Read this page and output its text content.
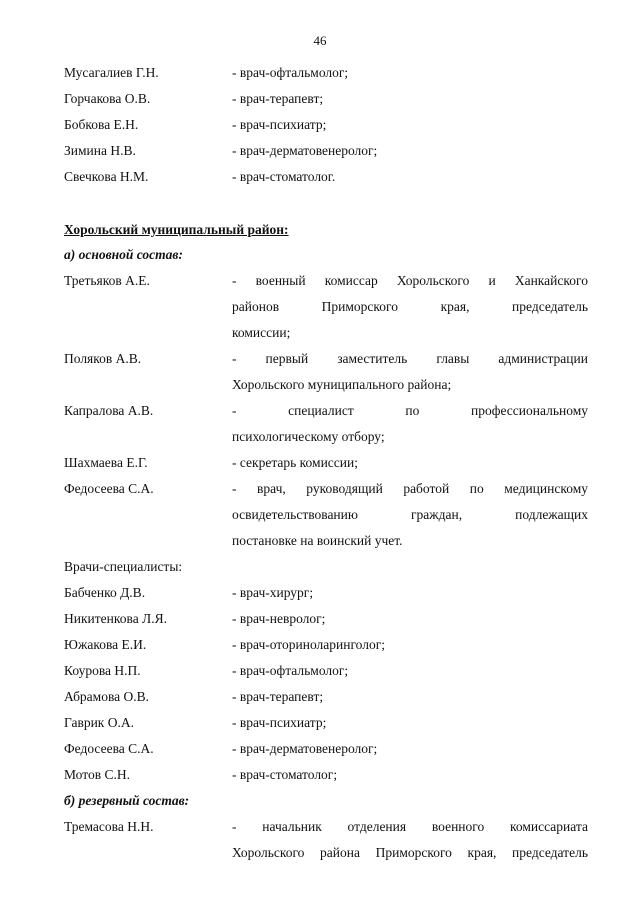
46
Мусагалиев Г.Н.	- врач-офтальмолог;
Горчакова О.В.	- врач-терапевт;
Бобкова Е.Н.	- врач-психиатр;
Зимина Н.В.	- врач-дерматовенеролог;
Свечкова Н.М.	- врач-стоматолог.
Хорольский муниципальный район:
а) основной состав:
Третьяков А.Е.	- военный комиссар Хорольского и Ханкайского
районов	Приморского	края,	председатель
комиссии;
Поляков А.В.	- первый заместитель главы администрации
Хорольского муниципального района;
Капралова А.В.	-	специалист	по	профессиональному
психологическому отбору;
Шахмаева Е.Г.	- секретарь комиссии;
Федосеева С.А.	- врач, руководящий работой по медицинскому
освидетельствованию	граждан,	подлежащих
постановке на воинский учет.
Врачи-специалисты:
Бабченко Д.В.	- врач-хирург;
Никитенкова Л.Я.	- врач-невролог;
Южакова Е.И.	- врач-оториноларинголог;
Коурова Н.П.	- врач-офтальмолог;
Абрамова О.В.	- врач-терапевт;
Гаврик О.А.	- врач-психиатр;
Федосеева С.А.	- врач-дерматовенеролог;
Мотов С.Н.	- врач-стоматолог;
б) резервный состав:
Тремасова Н.Н.	- начальник отделения военного комиссариата
Хорольского района Приморского края, председатель
